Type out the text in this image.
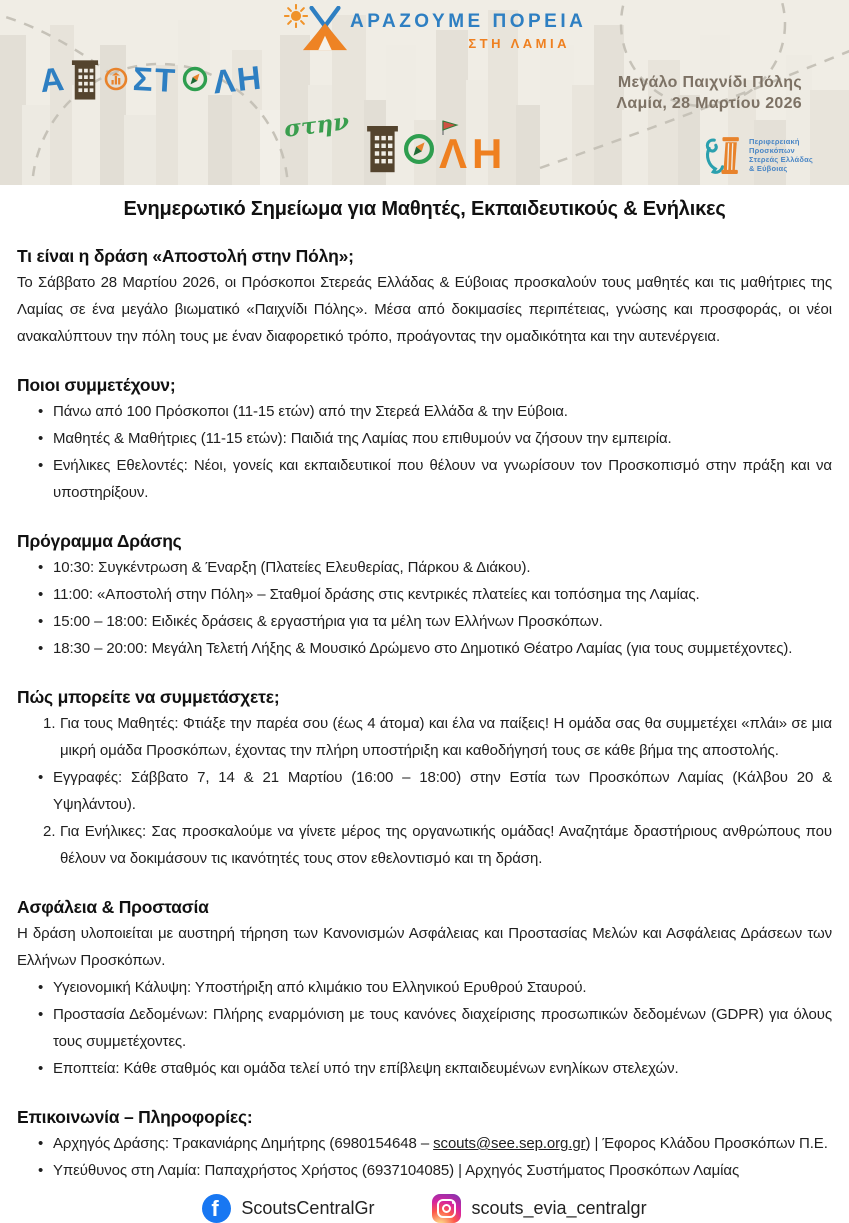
ΑΡΑΖΟΥΜΕ ΠΟΡΕΙΑ
ΣΤΗ ΛΑΜΙΑ
Α ΣΤ ΛΗ
στην
Λ Η
Μεγάλο Παιχνίδι Πόλης
Λαμία, 28 Μαρτίου 2026
Περιφερειακή
Προσκόπων
Στερεάς Ελλάδας
& Εύβοιας
Ενημερωτικό Σημείωμα για Μαθητές, Εκπαιδευτικούς & Ενήλικες
Τι είναι η δράση «Αποστολή στην Πόλη»;

Το Σάββατο 28 Μαρτίου 2026, οι Πρόσκοποι Στερεάς Ελλάδας & Εύβοιας προσκαλούν τους μαθητές και τις μαθήτριες της Λαμίας σε ένα μεγάλο βιωματικό «Παιχνίδι Πόλης». Μέσα από δοκιμασίες περιπέτειας, γνώσης και προσφοράς, οι νέοι ανακαλύπτουν την πόλη τους με έναν διαφορετικό τρόπο, προάγοντας την ομαδικότητα και την αυτενέργεια.

Ποιοι συμμετέχουν;
• Πάνω από 100 Πρόσκοποι (11-15 ετών) από την Στερεά Ελλάδα & την Εύβοια.
• Μαθητές & Μαθήτριες (11-15 ετών): Παιδιά της Λαμίας που επιθυμούν να ζήσουν την εμπειρία.
• Ενήλικες Εθελοντές: Νέοι, γονείς και εκπαιδευτικοί που θέλουν να γνωρίσουν τον Προσκοπισμό στην πράξη και να υποστηρίξουν.
Πρόγραμμα Δράσης
• 10:30: Συγκέντρωση & Έναρξη (Πλατείες Ελευθερίας, Πάρκου & Διάκου).
• 11:00: «Αποστολή στην Πόλη» – Σταθμοί δράσης στις κεντρικές πλατείες και τοπόσημα της Λαμίας.
• 15:00 – 18:00: Ειδικές δράσεις & εργαστήρια για τα μέλη των Ελλήνων Προσκόπων.
• 18:30 – 20:00: Μεγάλη Τελετή Λήξης & Μουσικό Δρώμενο στο Δημοτικό Θέατρο Λαμίας (για τους συμμετέχοντες).
Πώς μπορείτε να συμμετάσχετε;
1. Για τους Μαθητές: Φτιάξε την παρέα σου (έως 4 άτομα) και έλα να παίξεις! Η ομάδα σας θα συμμετέχει «πλάι» σε μια μικρή ομάδα Προσκόπων, έχοντας την πλήρη υποστήριξη και καθοδήγησή τους σε κάθε βήμα της αποστολής.
• Εγγραφές: Σάββατο 7, 14 & 21 Μαρτίου (16:00 – 18:00) στην Εστία των Προσκόπων Λαμίας (Κάλβου 20 & Υψηλάντου).
2. Για Ενήλικες: Σας προσκαλούμε να γίνετε μέρος της οργανωτικής ομάδας! Αναζητάμε δραστήριους ανθρώπους που θέλουν να δοκιμάσουν τις ικανότητές τους στον εθελοντισμό και τη δράση.
Ασφάλεια & Προστασία

Η δράση υλοποιείται με αυστηρή τήρηση των Κανονισμών Ασφάλειας και Προστασίας Μελών και Ασφάλειας Δράσεων των Ελλήνων Προσκόπων.

• Υγειονομική Κάλυψη: Υποστήριξη από κλιμάκιο του Ελληνικού Ερυθρού Σταυρού.
• Προστασία Δεδομένων: Πλήρης εναρμόνιση με τους κανόνες διαχείρισης προσωπικών δεδομένων (GDPR) για όλους τους συμμετέχοντες.
• Εποπτεία: Κάθε σταθμός και ομάδα τελεί υπό την επίβλεψη εκπαιδευμένων ενηλίκων στελεχών.
Επικοινωνία – Πληροφορίες:
• Αρχηγός Δράσης: Τρακανιάρης Δημήτρης (6980154648 – scouts@see.sep.org.gr) | Έφορος Κλάδου Προσκόπων Π.Ε.
• Υπεύθυνος στη Λαμία: Παπαχρήστος Χρήστος (6937104085) | Αρχηγός Συστήματος Προσκόπων Λαμίας
f ScoutsCentralGr	scouts_evia_centralgr
